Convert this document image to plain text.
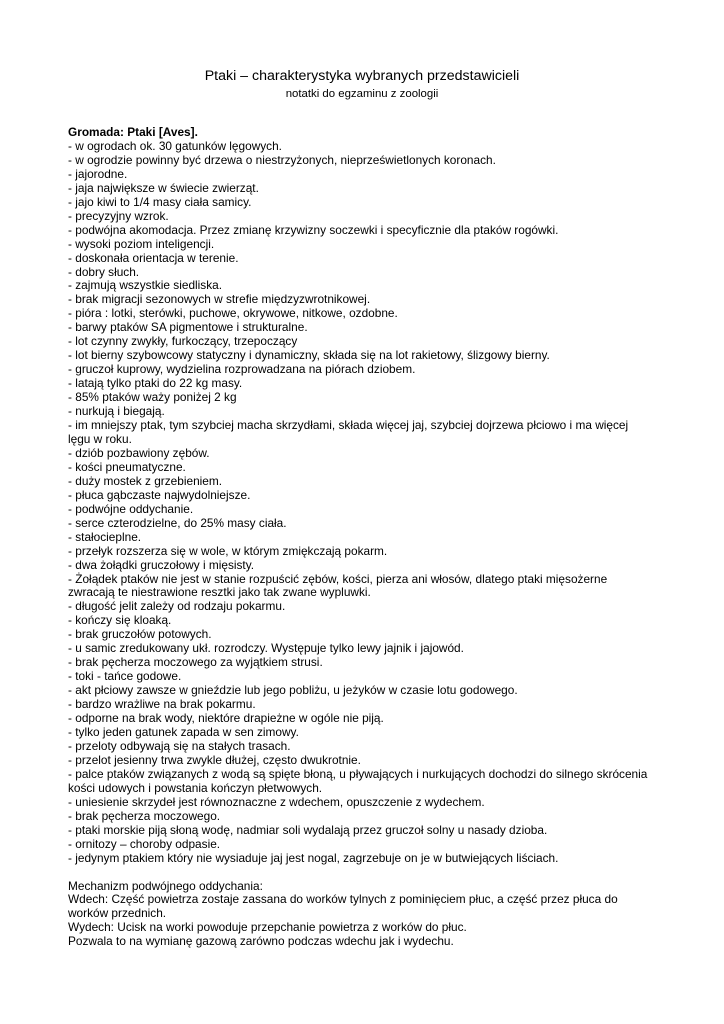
Ptaki – charakterystyka wybranych przedstawicieli
notatki do egzaminu z zoologii

Gromada: Ptaki [Aves].

- w ogrodach ok. 30 gatunków lęgowych.
- w ogrodzie powinny być drzewa o niestrzyżonych, nieprześwietlonych koronach.
- jajorodne.
- jaja największe w świecie zwierząt.
- jajo kiwi to 1/4 masy ciała samicy.
- precyzyjny wzrok.
- podwójna akomodacja. Przez zmianę krzywizny soczewki i specyficznie dla ptaków rogówki.
- wysoki poziom inteligencji.
- doskonała orientacja w terenie.
- dobry słuch.
- zajmują wszystkie siedliska.
- brak migracji sezonowych w strefie międzyzwrotnikowej.
- pióra : lotki, sterówki, puchowe, okrywowe, nitkowe, ozdobne.
- barwy ptaków SA pigmentowe i strukturalne.
- lot czynny zwykły, furkoczący, trzepoczący
- lot bierny szybowcowy statyczny i dynamiczny, składa się na lot rakietowy, ślizgowy bierny.
- gruczoł kuprowy, wydzielina rozprowadzana na piórach dziobem.
- latają tylko ptaki do 22 kg masy.
- 85% ptaków waży poniżej 2 kg
- nurkują i biegają.
- im mniejszy ptak, tym szybciej macha skrzydłami, składa więcej jaj, szybciej dojrzewa płciowo i ma więcej lęgu w roku.
- dziób pozbawiony zębów.
- kości pneumatyczne.
- duży mostek z grzebieniem.
- płuca gąbczaste najwydolniejsze.
- podwójne oddychanie.
- serce czterodzielne, do 25% masy ciała.
- stałocieplne.
- przełyk rozszerza się w wole, w którym zmiękczają pokarm.
- dwa żołądki gruczołowy i mięsisty.
- Żołądek ptaków nie jest w stanie rozpuścić zębów, kości, pierza ani włosów, dlatego ptaki mięsożerne zwracają te niestrawione resztki jako tak zwane wypluwki.
- długość jelit zależy od rodzaju pokarmu.
- kończy się kloaką.
- brak gruczołów potowych.
- u samic zredukowany ukł. rozrodczy. Występuje tylko lewy jajnik i jajowód.
- brak pęcherza moczowego za wyjątkiem strusi.
- toki - tańce godowe.
- akt płciowy zawsze w gnieździe lub jego pobliżu, u jeżyków w czasie lotu godowego.
- bardzo wrażliwe na brak pokarmu.
- odporne na brak wody, niektóre drapieżne w ogóle nie piją.
- tylko jeden gatunek zapada w sen zimowy.
- przeloty odbywają się na stałych trasach.
- przelot jesienny trwa zwykle dłużej, często dwukrotnie.
- palce ptaków związanych z wodą są spięte błoną, u pływających i nurkujących dochodzi do silnego skrócenia kości udowych i powstania kończyn płetwowych.
- uniesienie skrzydeł jest równoznaczne z wdechem, opuszczenie z wydechem.
- brak pęcherza moczowego.
- ptaki morskie piją słoną wodę, nadmiar soli wydalają przez gruczoł solny u nasady dzioba.
- ornitozy – choroby odpasie.
- jedynym ptakiem który nie wysiaduje jaj jest nogal, zagrzebuje on je w butwiejących liściach.

Mechanizm podwójnego oddychania:

Wdech: Część powietrza zostaje zassana do worków tylnych z pominięciem płuc, a część przez płuca do worków przednich.

Wydech: Ucisk na worki powoduje przepchanie powietrza z worków do płuc.

Pozwala to na wymianę gazową zarówno podczas wdechu jak i wydechu.
